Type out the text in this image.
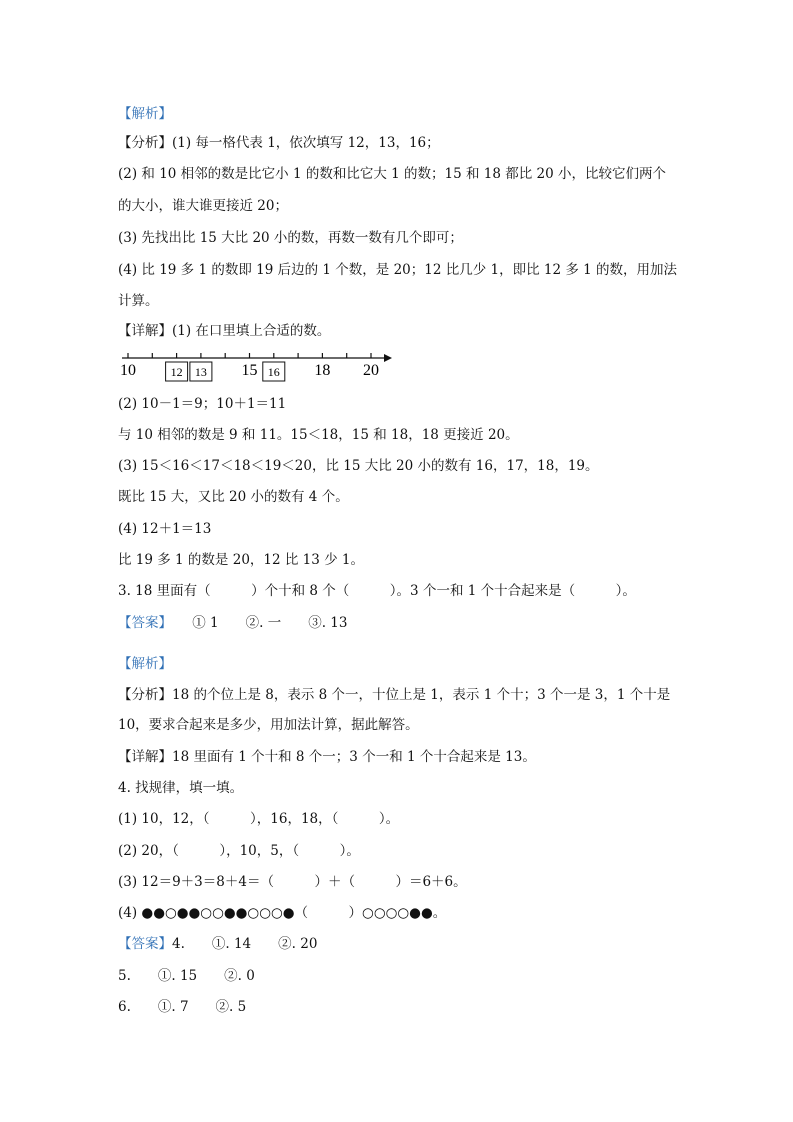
【解析】
【分析】(1) 每一格代表 1，依次填写 12，13，16；
(2) 和 10 相邻的数是比它小 1 的数和比它大 1 的数；15 和 18 都比 20 小，比较它们两个
的大小，谁大谁更接近 20；
(3) 先找出比 15 大比 20 小的数，再数一数有几个即可；
(4) 比 19 多 1 的数即 19 后边的 1 个数，是 20；12 比几少 1，即比 12 多 1 的数，用加法
计算。
【详解】(1) 在口里填上合适的数。
(2) 10－1＝9；10＋1＝11
与 10 相邻的数是 9 和 11。15＜18，15 和 18，18 更接近 20。
(3) 15＜16＜17＜18＜19＜20，比 15 大比 20 小的数有 16，17，18，19。
既比 15 大，又比 20 小的数有 4 个。
(4) 12＋1＝13
比 19 多 1 的数是 20，12 比 13 少 1。
3. 18 里面有（　　　）个十和 8 个（　　　）。3 个一和 1 个十合起来是（　　　）。
【答案】　　① 1　　②. 一　　③. 13
【解析】
【分析】18 的个位上是 8，表示 8 个一，十位上是 1，表示 1 个十；3 个一是 3，1 个十是
10，要求合起来是多少，用加法计算，据此解答。
【详解】18 里面有 1 个十和 8 个一；3 个一和 1 个十合起来是 13。
4. 找规律，填一填。
(1) 10，12，（　　　），16，18，（　　　）。
(2) 20，（　　　），10，5，（　　　）。
(3) 12＝9＋3＝8＋4＝（　　　）＋（　　　）＝6＋6。
(4) ●●○●●○○●●○○○●（　　　）○○○○●●。
【答案】4.　　①. 14　　②. 20
5.　　①. 15　　②. 0
6.　　①. 7　　②. 5
10	15	18 20
12 13	16
